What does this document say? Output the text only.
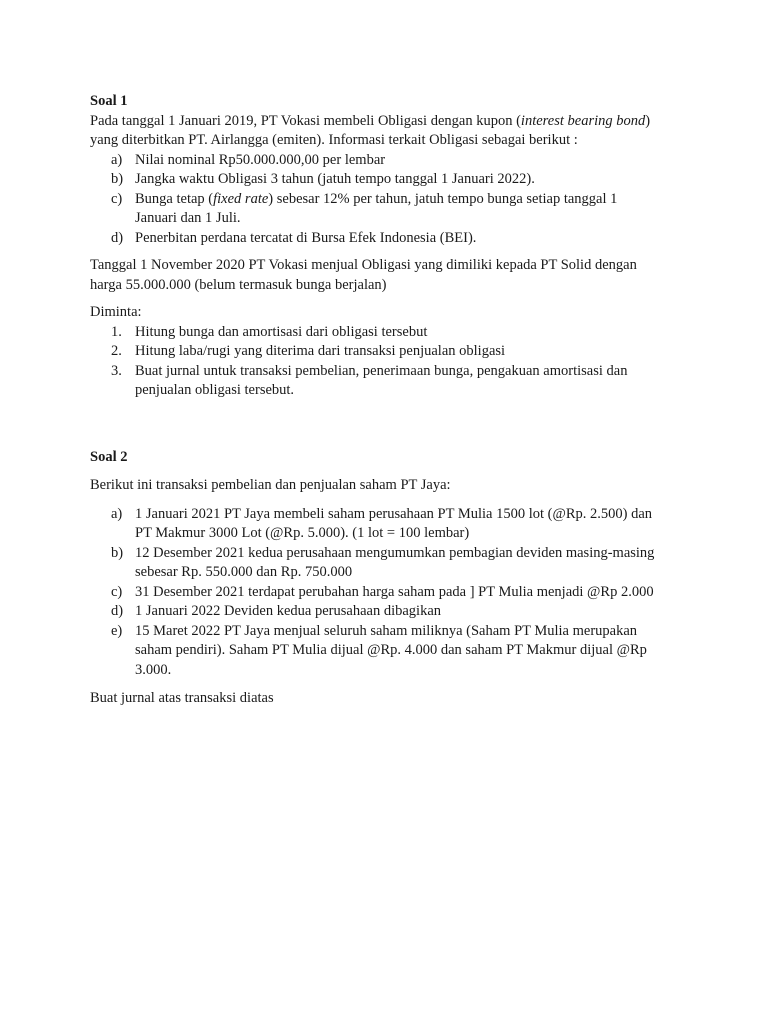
Soal 1
Pada tanggal 1 Januari 2019, PT Vokasi membeli Obligasi dengan kupon (interest bearing bond)
yang diterbitkan PT. Airlangga (emiten). Informasi terkait Obligasi sebagai berikut :
a) Nilai nominal Rp50.000.000,00 per lembar
b) Jangka waktu Obligasi 3 tahun (jatuh tempo tanggal 1 Januari 2022).
c) Bunga tetap (fixed rate) sebesar 12% per tahun, jatuh tempo bunga setiap tanggal 1
Januari dan 1 Juli.
d) Penerbitan perdana tercatat di Bursa Efek Indonesia (BEI).
Tanggal 1 November 2020 PT Vokasi menjual Obligasi yang dimiliki kepada PT Solid dengan
harga 55.000.000 (belum termasuk bunga berjalan)
Diminta:
1. Hitung bunga dan amortisasi dari obligasi tersebut
2. Hitung laba/rugi yang diterima dari transaksi penjualan obligasi
3. Buat jurnal untuk transaksi pembelian, penerimaan bunga, pengakuan amortisasi dan
penjualan obligasi tersebut.
Soal 2
Berikut ini transaksi pembelian dan penjualan saham PT Jaya:
a) 1 Januari 2021 PT Jaya membeli saham perusahaan PT Mulia 1500 lot (@Rp. 2.500) dan
PT Makmur 3000 Lot (@Rp. 5.000). (1 lot = 100 lembar)
b) 12 Desember 2021 kedua perusahaan mengumumkan pembagian deviden masing-masing
sebesar Rp. 550.000 dan Rp. 750.000
c) 31 Desember 2021 terdapat perubahan harga saham pada ] PT Mulia menjadi @Rp 2.000
d) 1 Januari 2022 Deviden kedua perusahaan dibagikan
e) 15 Maret 2022 PT Jaya menjual seluruh saham miliknya (Saham PT Mulia merupakan
saham pendiri). Saham PT Mulia dijual @Rp. 4.000 dan saham PT Makmur dijual @Rp
3.000.
Buat jurnal atas transaksi diatas
